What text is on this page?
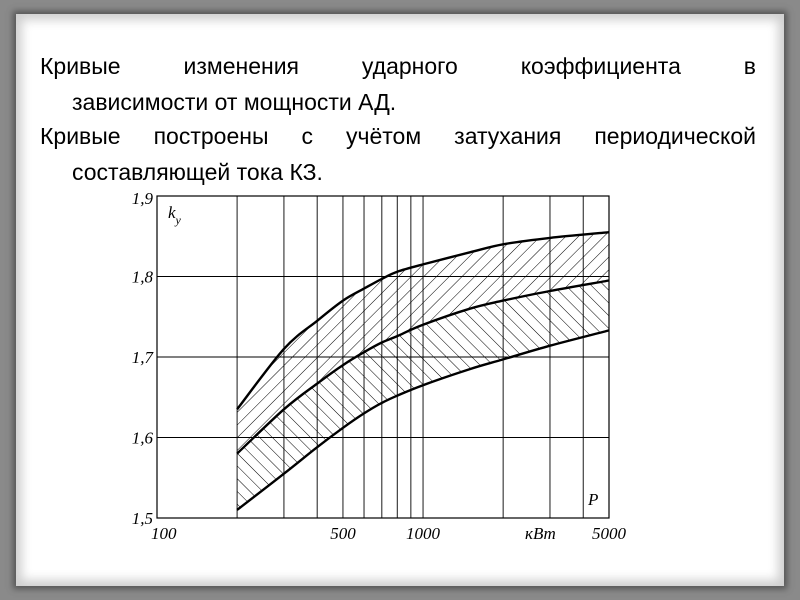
Кривые изменения ударного коэффициента в
зависимости от мощности АД.
Кривые построены с учётом затухания периодической
составляющей тока КЗ.
1,5
1,6
1,7
1,8
1,9
100	500	1000	5000
$k_у$
P
кВт
